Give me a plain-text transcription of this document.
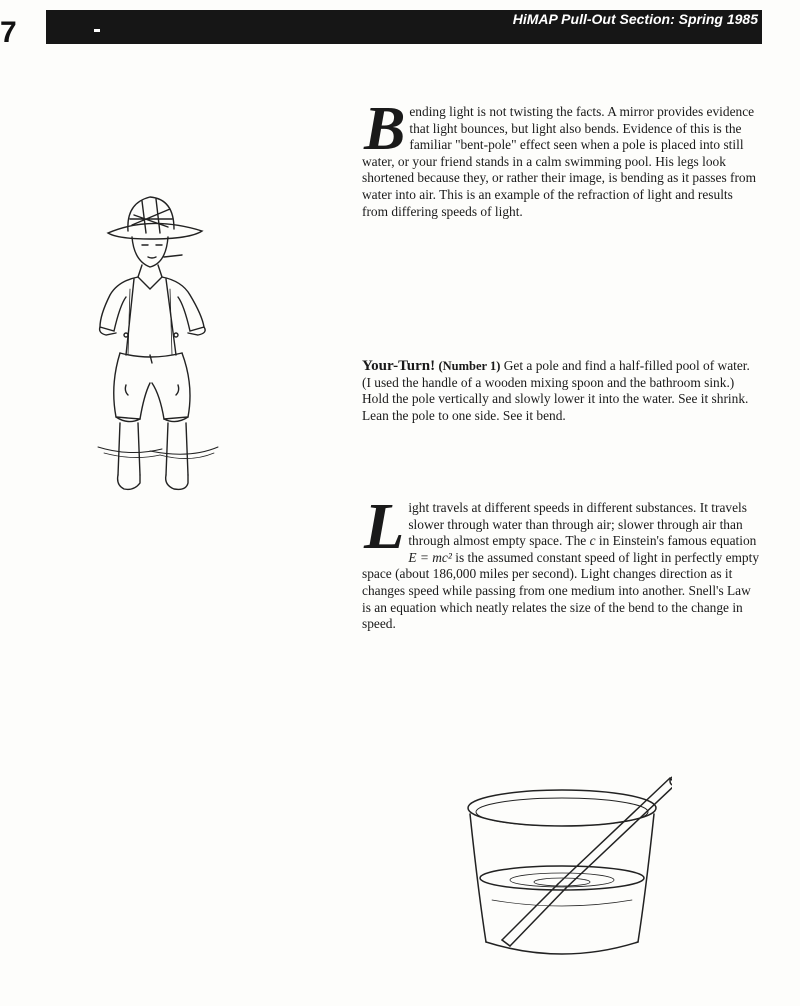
7	HiMAP Pull-Out Section: Spring 1985

Bending light is not twisting the facts. A mirror provides evidence that light bounces, but light also bends. Evidence of this is the familiar "bent-pole" effect seen when a pole is placed into still water, or your friend stands in a calm swimming pool. His legs look shortened because they, or rather their image, is bending as it passes from water into air. This is an example of the refraction of light and results from differing speeds of light.

Your-Turn! (Number 1) Get a pole and find a half-filled pool of water. (I used the handle of a wooden mixing spoon and the bathroom sink.) Hold the pole vertically and slowly lower it into the water. See it shrink. Lean the pole to one side. See it bend.

Light travels at different speeds in different substances. It travels slower through water than through air; slower through air than through almost empty space. The c in Einstein's famous equation E = mc² is the assumed constant speed of light in perfectly empty space (about 186,000 miles per second). Light changes direction as it changes speed while passing from one medium into another. Snell's Law is an equation which neatly relates the size of the bend to the change in speed.
